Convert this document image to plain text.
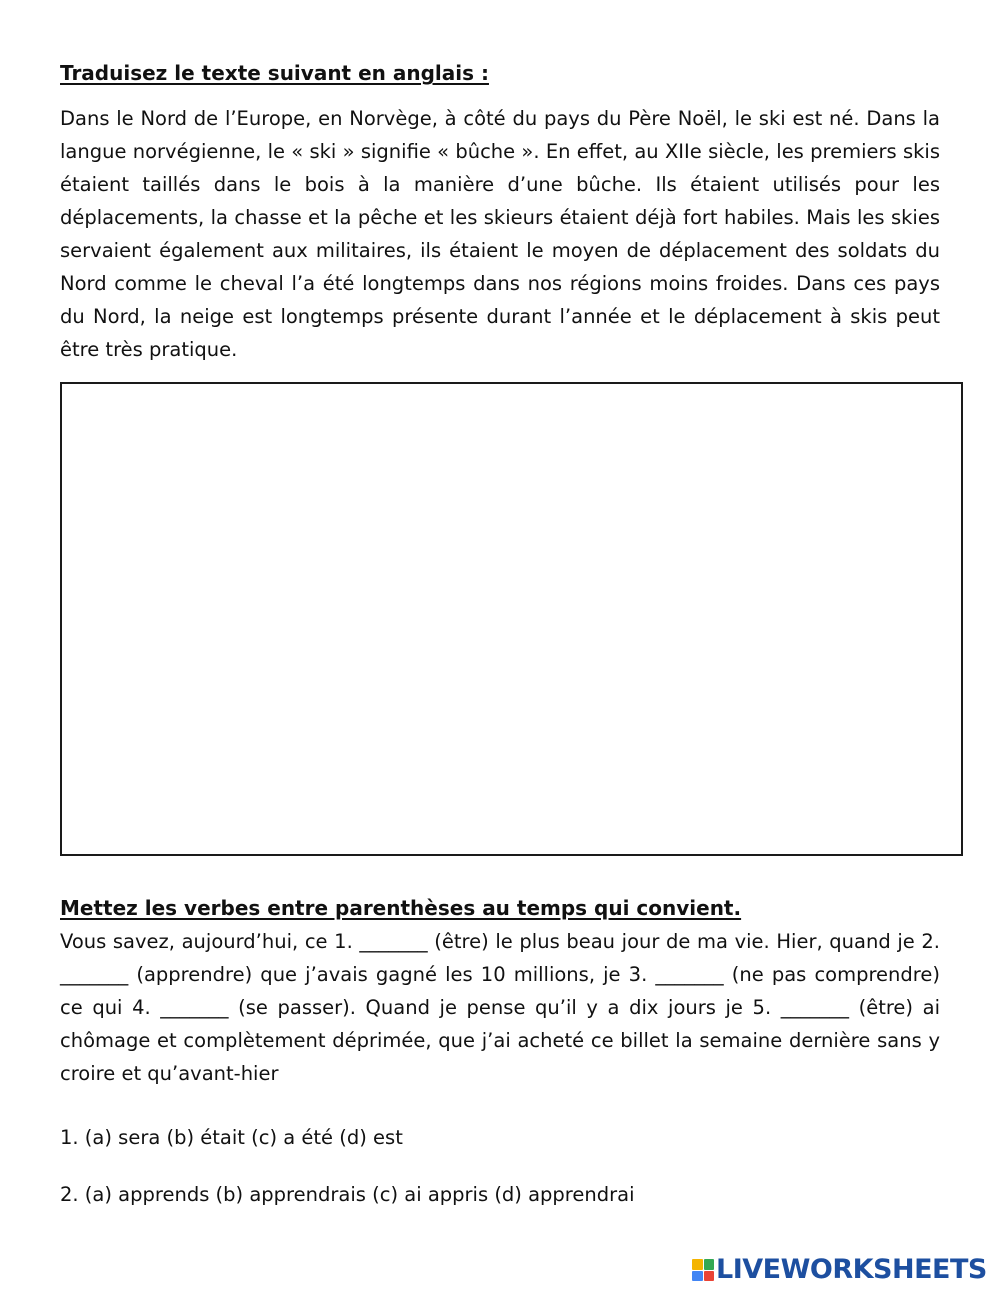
Traduisez le texte suivant en anglais :

Dans le Nord de l’Europe, en Norvège, à côté du pays du Père Noël, le ski est né. Dans la langue norvégienne, le « ski » signifie « bûche ». En effet, au XIIe siècle, les premiers skis étaient taillés dans le bois à la manière d’une bûche. Ils étaient utilisés pour les déplacements, la chasse et la pêche et les skieurs étaient déjà fort habiles. Mais les skies servaient également aux militaires, ils étaient le moyen de déplacement des soldats du Nord comme le cheval l’a été longtemps dans nos régions moins froides. Dans ces pays du Nord, la neige est longtemps présente durant l’année et le déplacement à skis peut être très pratique.

Mettez les verbes entre parenthèses au temps qui convient.

Vous savez, aujourd’hui, ce 1. _______ (être) le plus beau jour de ma vie. Hier, quand je 2. _______ (apprendre) que j’avais gagné les 10 millions, je 3. _______ (ne pas comprendre) ce qui 4. _______ (se passer). Quand je pense qu’il y a dix jours je 5. _______ (être) ai chômage et complètement déprimée, que j’ai acheté ce billet la semaine dernière sans y croire et qu’avant-hier

1. (a) sera (b) était (c) a été (d) est

2. (a) apprends (b) apprendrais (c) ai appris (d) apprendrai

LIVEWORKSHEETS
